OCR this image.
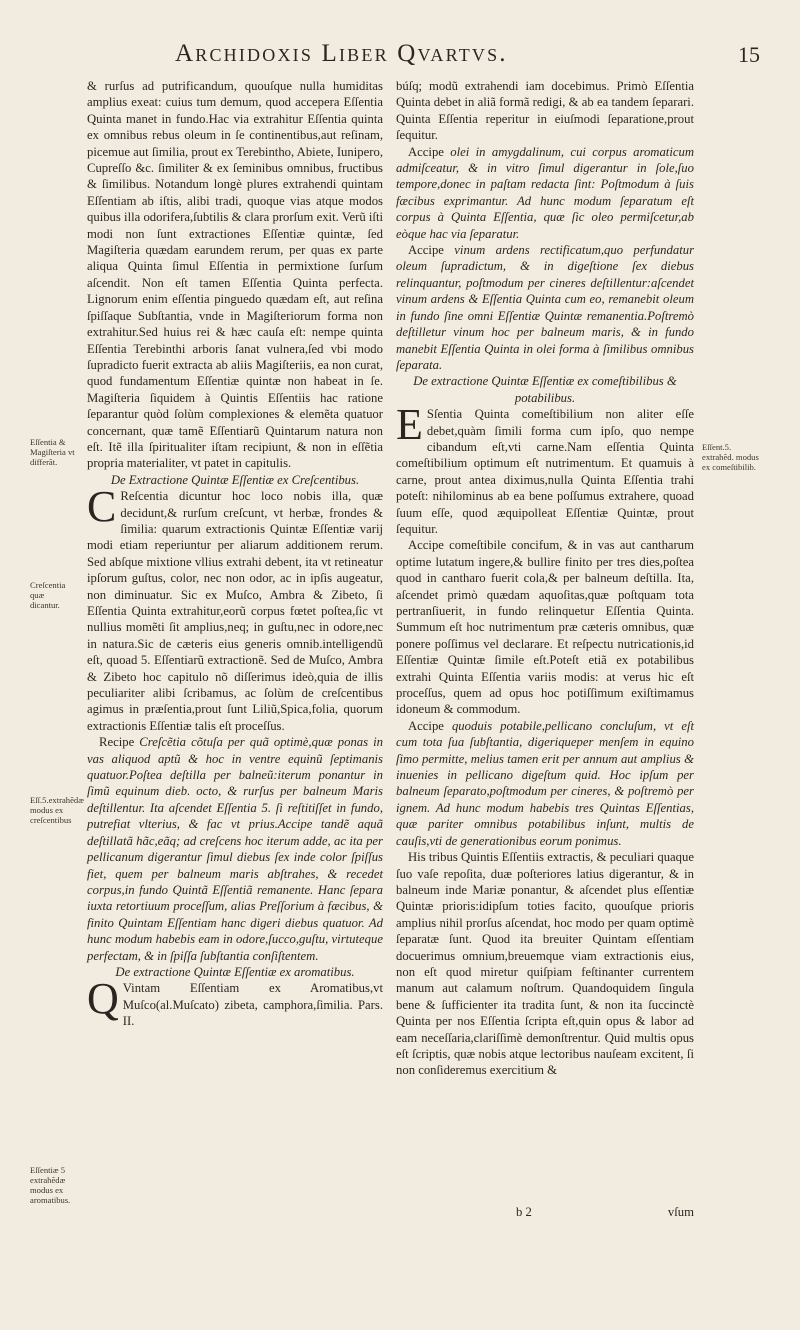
Archidoxis Liber Qvartvs.	15
Eſſentia & Magiſteria vt differãt.
Creſcentia quæ dicantur.
Eſſ.5.extrahẽdæ modus ex creſcentibus
Eſſentiæ 5 extrahẽdæ modus ex aromatibus.
Eſſent.5. extrahẽd. modus ex comeſtibilib.

& rurſus ad putrificandum, quouſque nulla humiditas amplius exeat: cuius tum demum, quod accepera Eſſentia Quinta manet in fundo.Hac via extrahitur Eſſentia quinta ex omnibus rebus oleum in ſe continentibus,aut reſinam, picemue aut ſimilia, prout ex Terebintho, Abiete, Iunipero, Cupreſſo &c. ſimiliter & ex ſeminibus omnibus, fructibus & ſimilibus. Notandum longè plures extrahendi quintam Eſſentiam ab iſtis, alibi tradi, quoque vias atque modos quibus illa odorifera,ſubtilis & clara prorſum exit. Verũ iſti modi non ſunt extractiones Eſſentiæ quintæ, ſed Magiſteria quædam earundem rerum, per quas ex parte aliqua Quinta ſimul Eſſentia in permixtione ſurſum aſcendit. Non eſt tamen Eſſentia Quinta perfecta. Lignorum enim eſſentia pinguedo quædam eſt, aut reſina ſpiſſaque Subſtantia, vnde in Magiſteriorum forma non extrahitur.Sed huius rei & hæc cauſa eſt: nempe quinta Eſſentia Terebinthi arboris ſanat vulnera,ſed vbi modo ſupradicto fuerit extracta ab aliis Magiſteriis, ea non curat, quod fundamentum Eſſentiæ quintæ non habeat in ſe. Magiſteria ſiquidem à Quintis Eſſentiis hac ratione ſeparantur quòd ſolùm complexiones & elemẽta quatuor concernant, quæ tamẽ Eſſentiarũ Quintarum natura non eſt. Itẽ illa ſpiritualiter iſtam recipiunt, & non in eſſẽtia propria materialiter, vt patet in capitulis.

De Extractione Quintæ Eſſentiæ ex Creſcentibus.

C Reſcentia dicuntur hoc loco nobis illa, quæ decidunt,& rurſum creſcunt, vt herbæ, frondes & ſimilia: quarum extractionis Quintæ Eſſentiæ varij modi etiam reperiuntur per aliarum additionem rerum. Sed abſque mixtione vllius extrahi debent, ita vt retineatur ipſorum guſtus, color, nec non odor, ac in ipſis augeatur, non diminuatur. Sic ex Muſco, Ambra & Zibeto, ſi Eſſentia Quinta extrahitur,eorũ corpus fœtet poſtea,ſic vt nullius momẽti ſit amplius,neq; in guſtu,nec in odore,nec in natura.Sic de cæteris eius generis omnib.intelligendũ eſt, quoad 5. Eſſentiarũ extractionẽ. Sed de Muſco, Ambra & Zibeto hoc capitulo nõ diſſerimus ideò,quia de illis peculiariter alibi ſcribamus, ac ſolùm de creſcentibus agimus in præſentia,prout ſunt Liliũ,Spica,folia, quorum extractionis Eſſentiæ talis eſt proceſſus.

Recipe Creſcẽtia cõtuſa per quã optimè,quæ ponas in vas aliquod aptũ & hoc in ventre equinũ ſeptimanis quatuor.Poſtea deſtilla per balneũ:iterum ponantur in ſimũ equinum dieb. octo, & rurſus per balneum Maris deſtillentur. Ita aſcendet Eſſentia 5. ſi reſtitiſſet in fundo, putrefiat vlterius, & fac vt prius.Accipe tandẽ aquã deſtillatã hãc,eãq; ad creſcens hoc iterum adde, ac ita per pellicanum digerantur ſimul diebus ſex inde color ſpiſſus fiet, quem per balneum maris abſtrahes, & recedet corpus,in fundo Quintã Eſſentiã remanente. Hanc ſepara iuxta retortiuum proceſſum, alias Preſſorium à fæcibus, & finito Quintam Eſſentiam hanc digeri diebus quatuor. Ad hunc modum habebis eam in odore,ſucco,guſtu, virtuteque perfectam, & in ſpiſſa ſubſtantia conſiſtentem.

De extractione Quintæ Eſſentiæ ex aromatibus.

Q Vintam Eſſentiam ex Aromatibus,vt Muſco(al.Muſcato) zibeta, camphora,ſimilia. Pars. II.

búſq; modũ extrahendi iam docebimus. Primò Eſſentia Quinta debet in aliã formã redigi, & ab ea tandem ſeparari. Quinta Eſſentia reperitur in eiuſmodi ſeparatione,prout ſequitur.

Accipe olei in amygdalinum, cui corpus aromaticum admiſceatur, & in vitro ſimul digerantur in ſole,ſuo tempore,donec in paſtam redacta ſint: Poſtmodum à ſuis fæcibus exprimantur. Ad hunc modum ſeparatum eſt corpus à Quinta Eſſentia, quæ ſic oleo permiſcetur,ab eòque hac via ſeparatur.

Accipe vinum ardens rectificatum,quo perfundatur oleum ſupradictum, & in digeſtione ſex diebus relinquantur, poſtmodum per cineres deſtillentur:aſcendet vinum ardens & Eſſentia Quinta cum eo, remanebit oleum in fundo ſine omni Eſſentiæ Quintæ remanentia.Poſtremò deſtilletur vinum hoc per balneum maris, & in fundo manebit Eſſentia Quinta in olei forma à ſimilibus omnibus ſeparata.

De extractione Quintæ Eſſentiæ ex comeſtibilibus & potabilibus.

E Sſentia Quinta comeſtibilium non aliter eſſe debet,quàm ſimili forma cum ipſo, quo nempe cibandum eſt,vti carne.Nam eſſentia Quinta comeſtibilium optimum eſt nutrimentum. Et quamuis à carne, prout antea diximus,nulla Quinta Eſſentia trahi poteſt: nihilominus ab ea bene poſſumus extrahere, quoad ſuum eſſe, quod æquipolleat Eſſentiæ Quintæ, prout ſequitur.

Accipe comeſtibile concifum, & in vas aut cantharum optime lutatum ingere,& bullire finito per tres dies,poſtea quod in cantharo fuerit cola,& per balneum deſtilla. Ita, aſcendet primò quædam aquoſitas,quæ poſtquam tota pertranſiuerit, in fundo relinquetur Eſſentia Quinta. Summum eſt hoc nutrimentum præ cæteris omnibus, quæ ponere poſſimus vel declarare. Et reſpectu nutricationis,id Eſſentiæ Quintæ ſimile eſt.Poteſt etiã ex potabilibus extrahi Quinta Eſſentia variis modis: at verus hic eſt proceſſus, quem ad opus hoc potiſſimum exiſtimamus idoneum & commodum.

Accipe quoduis potabile,pellicano concluſum, vt eſt cum tota ſua ſubſtantia, digeriqueper menſem in equino ſimo permitte, melius tamen erit per annum aut amplius & inuenies in pellicano digeſtum quid. Hoc ipſum per balneum ſeparato,poſtmodum per cineres, & poſtremò per ignem. Ad hunc modum habebis tres Quintas Eſſentias, quæ pariter omnibus potabilibus inſunt, multis de cauſis,vti de generationibus eorum ponimus.

His tribus Quintis Eſſentiis extractis, & peculiari quaque ſuo vaſe repoſita, duæ poſteriores latius digerantur, & in balneum inde Mariæ ponantur, & aſcendet plus eſſentiæ Quintæ prioris:idipſum toties facito, quouſque prioris amplius nihil prorſus aſcendat, hoc modo per quam optimè ſeparatæ ſunt. Quod ita breuiter Quintam eſſentiam docuerimus omnium,breuemque viam extractionis eius, non eſt quod miretur quiſpiam feſtinanter currentem manum aut calamum noſtrum. Quandoquidem ſingula bene & ſufficienter ita tradita ſunt, & non ita ſuccinctè Quinta per nos Eſſentia ſcripta eſt,quin opus & labor ad eam neceſſaria,clariſſimè demonſtrentur. Quid multis opus eſt ſcriptis, quæ nobis atque lectoribus nauſeam excitent, ſi non conſideremus exercitium &

b 2	vſum
